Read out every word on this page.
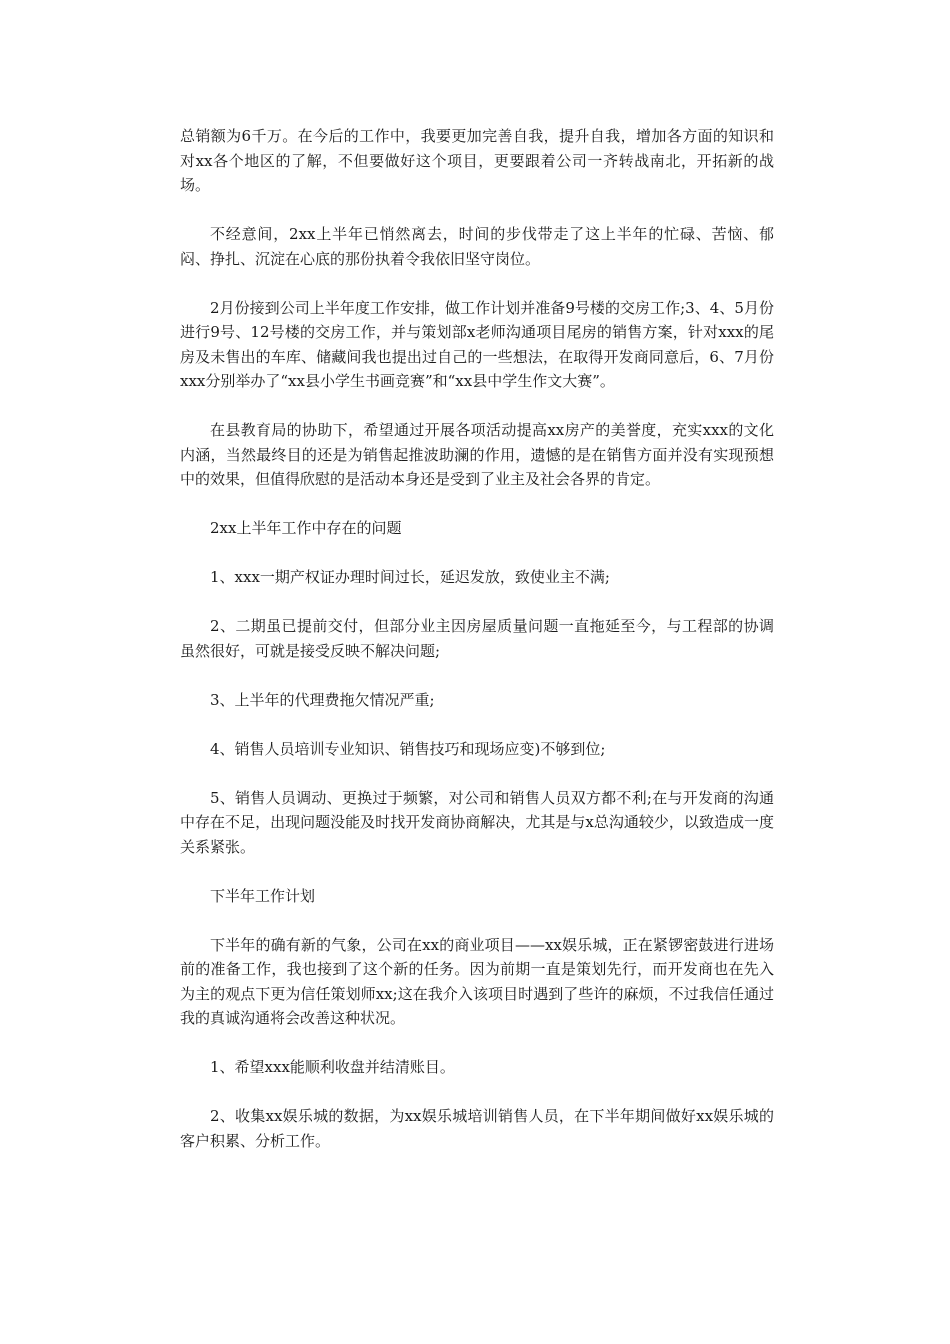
总销额为6千万。在今后的工作中，我要更加完善自我，提升自我，增加各方面的知识和对xx各个地区的了解，不但要做好这个项目，更要跟着公司一齐转战南北，开拓新的战场。

不经意间，2xx上半年已悄然离去，时间的步伐带走了这上半年的忙碌、苦恼、郁闷、挣扎、沉淀在心底的那份执着令我依旧坚守岗位。

2月份接到公司上半年度工作安排，做工作计划并准备9号楼的交房工作;3、4、5月份进行9号、12号楼的交房工作，并与策划部x老师沟通项目尾房的销售方案，针对xxx的尾房及未售出的车库、储藏间我也提出过自己的一些想法，在取得开发商同意后，6、7月份xxx分别举办了“xx县小学生书画竞赛”和“xx县中学生作文大赛”。

在县教育局的协助下，希望通过开展各项活动提高xx房产的美誉度，充实xxx的文化内涵，当然最终目的还是为销售起推波助澜的作用，遗憾的是在销售方面并没有实现预想中的效果，但值得欣慰的是活动本身还是受到了业主及社会各界的肯定。

2xx上半年工作中存在的问题

1、xxx一期产权证办理时间过长，延迟发放，致使业主不满;

2、二期虽已提前交付，但部分业主因房屋质量问题一直拖延至今，与工程部的协调虽然很好，可就是接受反映不解决问题;

3、上半年的代理费拖欠情况严重;

4、销售人员培训专业知识、销售技巧和现场应变)不够到位;

5、销售人员调动、更换过于频繁，对公司和销售人员双方都不利;在与开发商的沟通中存在不足，出现问题没能及时找开发商协商解决，尤其是与x总沟通较少，以致造成一度关系紧张。

下半年工作计划

下半年的确有新的气象，公司在xx的商业项目——xx娱乐城，正在紧锣密鼓进行进场前的准备工作，我也接到了这个新的任务。因为前期一直是策划先行，而开发商也在先入为主的观点下更为信任策划师xx;这在我介入该项目时遇到了些许的麻烦，不过我信任通过我的真诚沟通将会改善这种状况。

1、希望xxx能顺利收盘并结清账目。

2、收集xx娱乐城的数据，为xx娱乐城培训销售人员，在下半年期间做好xx娱乐城的客户积累、分析工作。
